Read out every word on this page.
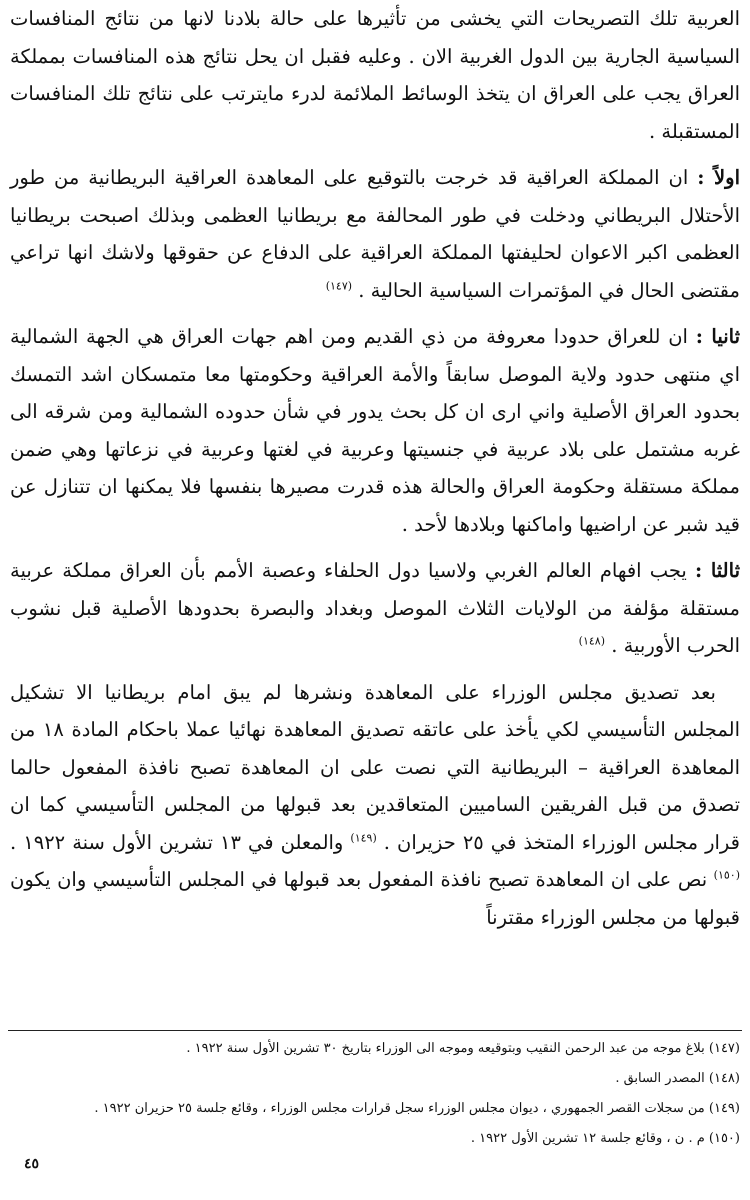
العربية تلك التصريحات التي يخشى من تأثيرها على حالة بلادنا لانها من نتائج المنافسات السياسية الجارية بين الدول الغربية الان . وعليه فقبل ان يحل نتائج هذه المنافسات بمملكة العراق يجب على العراق ان يتخذ الوسائط الملائمة لدرء مايترتب على نتائج تلك المنافسات المستقبلة .

اولاً : ان المملكة العراقية قد خرجت بالتوقيع على المعاهدة العراقية البريطانية من طور الأحتلال البريطاني ودخلت في طور المحالفة مع بريطانيا العظمى وبذلك اصبحت بريطانيا العظمى اكبر الاعوان لحليفتها المملكة العراقية على الدفاع عن حقوقها ولاشك انها تراعي مقتضى الحال في المؤتمرات السياسية الحالية . $^{(١٤٧)}$

ثانيا : ان للعراق حدودا معروفة من ذي القديم ومن اهم جهات العراق هي الجهة الشمالية اي منتهى حدود ولاية الموصل سابقاً والأمة العراقية وحكومتها معا متمسكان اشد التمسك بحدود العراق الأصلية واني ارى ان كل بحث يدور في شأن حدوده الشمالية ومن شرقه الى غربه مشتمل على بلاد عربية في جنسيتها وعربية في لغتها وعربية في نزعاتها وهي ضمن مملكة مستقلة وحكومة العراق والحالة هذه قدرت مصيرها بنفسها فلا يمكنها ان تتنازل عن قيد شبر عن اراضيها واماكنها وبلادها لأحد .

ثالثا : يجب افهام العالم الغربي ولاسيا دول الحلفاء وعصبة الأمم بأن العراق مملكة عربية مستقلة مؤلفة من الولايات الثلاث الموصل وبغداد والبصرة بحدودها الأصلية قبل نشوب الحرب الأوربية . $^{(١٤٨)}$

بعد تصديق مجلس الوزراء على المعاهدة ونشرها لم يبق امام بريطانيا الا تشكيل المجلس التأسيسي لكي يأخذ على عاتقه تصديق المعاهدة نهائيا عملا باحكام المادة ١٨ من المعاهدة العراقية – البريطانية التي نصت على ان المعاهدة تصبح نافذة المفعول حالما تصدق من قبل الفريقين الساميين المتعاقدين بعد قبولها من المجلس التأسيسي كما ان قرار مجلس الوزراء المتخذ في ٢٥ حزيران . $^{(١٤٩)}$ والمعلن في ١٣ تشرين الأول سنة ١٩٢٢ . $^{(١٥٠)}$ نص على ان المعاهدة تصبح نافذة المفعول بعد قبولها في المجلس التأسيسي وان يكون قبولها من مجلس الوزراء مقترناً

(١٤٧) بلاغ موجه من عبد الرحمن النقيب وبتوقيعه وموجه الى الوزراء بتاريخ ٣٠ تشرين الأول سنة ١٩٢٢ .

(١٤٨) المصدر السابق .

(١٤٩) من سجلات القصر الجمهوري ، ديوان مجلس الوزراء سجل قرارات مجلس الوزراء ، وقائع جلسة ٢٥ حزيران ١٩٢٢ .

(١٥٠) م . ن ، وقائع جلسة ١٢ تشرين الأول ١٩٢٢ .

٤٥
